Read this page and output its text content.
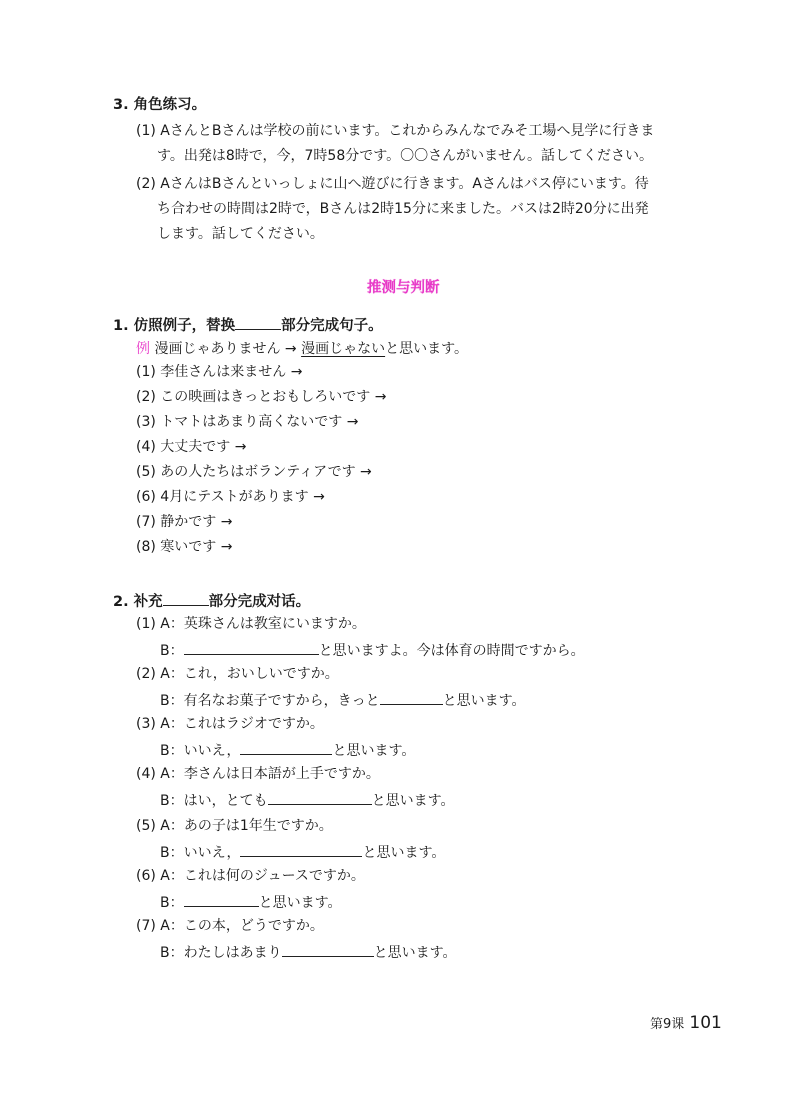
3. 角色练习。
(1) AさんとBさんは学校の前にいます。これからみんなでみそ工場へ見学に行きま
す。出発は8時で，今，7時58分です。〇〇さんがいません。話してください。
(2) AさんはBさんといっしょに山へ遊びに行きます。Aさんはバス停にいます。待
ち合わせの時間は2時で，Bさんは2時15分に来ました。バスは2時20分に出発
します。話してください。
推测与判断
1. 仿照例子，替换	部分完成句子。
例 漫画じゃありません → 漫画じゃないと思います。
(1) 李佳さんは来ません →
(2) この映画はきっとおもしろいです →
(3) トマトはあまり高くないです →
(4) 大丈夫です →
(5) あの人たちはボランティアです →
(6) 4月にテストがあります →
(7) 静かです →
(8) 寒いです →
2. 补充	部分完成对话。
(1) A：英珠さんは教室にいますか。
B：	と思いますよ。今は体育の時間ですから。
(2) A：これ，おいしいですか。
B：有名なお菓子ですから，きっと	と思います。
(3) A：これはラジオですか。
B：いいえ，	と思います。
(4) A：李さんは日本語が上手ですか。
B：はい，とても	と思います。
(5) A：あの子は1年生ですか。
B：いいえ，	と思います。
(6) A：これは何のジュースですか。
B：	と思います。
(7) A：この本，どうですか。
B：わたしはあまり	と思います。
第9课 101
